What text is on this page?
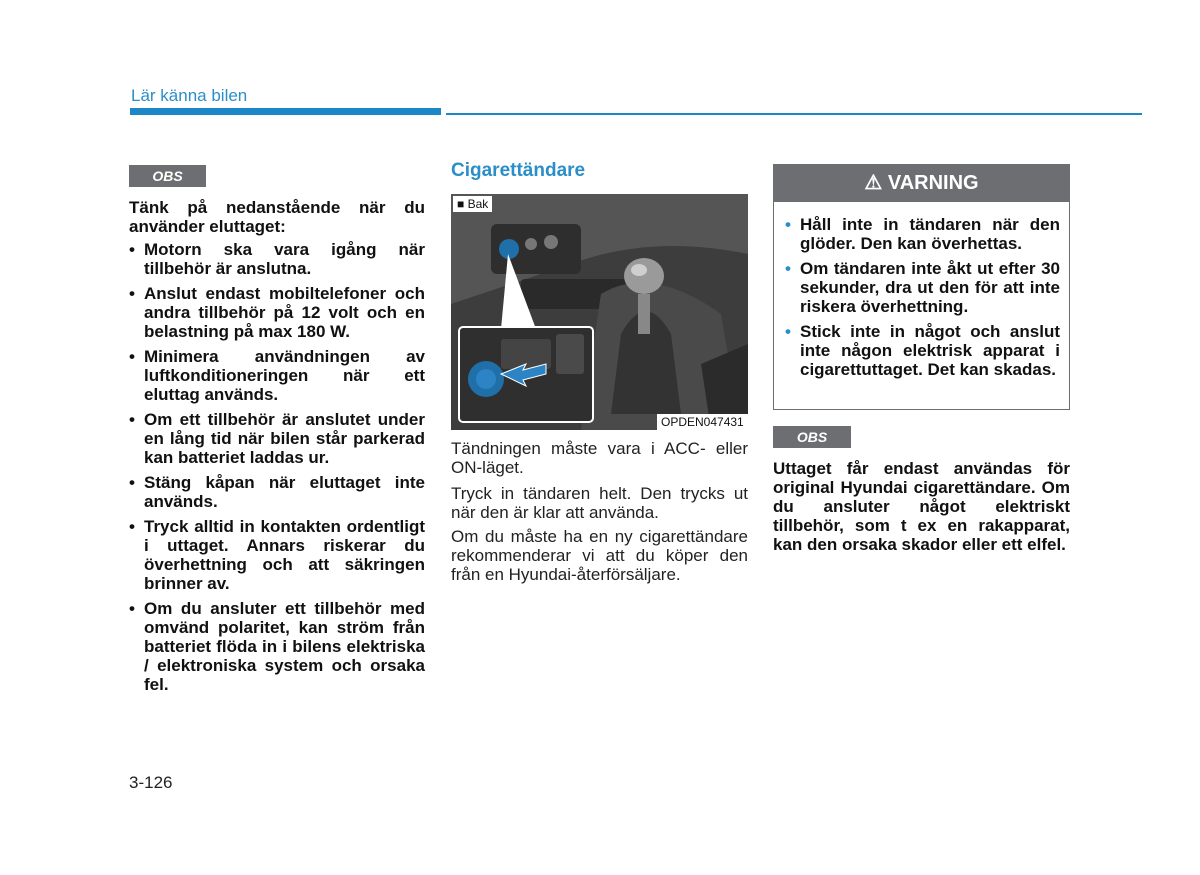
Lär känna bilen
OBS
Tänk på nedanstående när du använder eluttaget:
• Motorn ska vara igång när tillbehör är anslutna.
• Anslut endast mobiltelefoner och andra tillbehör på 12 volt och en belastning på max 180 W.
• Minimera användningen av luftkonditioneringen när ett eluttag används.
• Om ett tillbehör är anslutet under en lång tid när bilen står parkerad kan batteriet laddas ur.
• Stäng kåpan när eluttaget inte används.
• Tryck alltid in kontakten ordentligt i uttaget. Annars riskerar du överhettning och att säkringen brinner av.
• Om du ansluter ett tillbehör med omvänd polaritet, kan ström från batteriet flöda in i bilens elektriska / elektroniska system och orsaka fel.
Cigarettändare
■ Bak
OPDEN047431
Tändningen måste vara i ACC- eller ON-läget.
Tryck in tändaren helt. Den trycks ut när den är klar att använda.
Om du måste ha en ny cigarettändare rekommenderar vi att du köper den från en Hyundai-återförsäljare.
⚠ VARNING
• Håll inte in tändaren när den glöder. Den kan överhettas.
• Om tändaren inte åkt ut efter 30 sekunder, dra ut den för att inte riskera överhettning.
• Stick inte in något och anslut inte någon elektrisk apparat i cigarettuttaget. Det kan skadas.
OBS
Uttaget får endast användas för original Hyundai cigarettändare. Om du ansluter något elektriskt tillbehör, som t ex en rakapparat, kan den orsaka skador eller ett elfel.
3-126
